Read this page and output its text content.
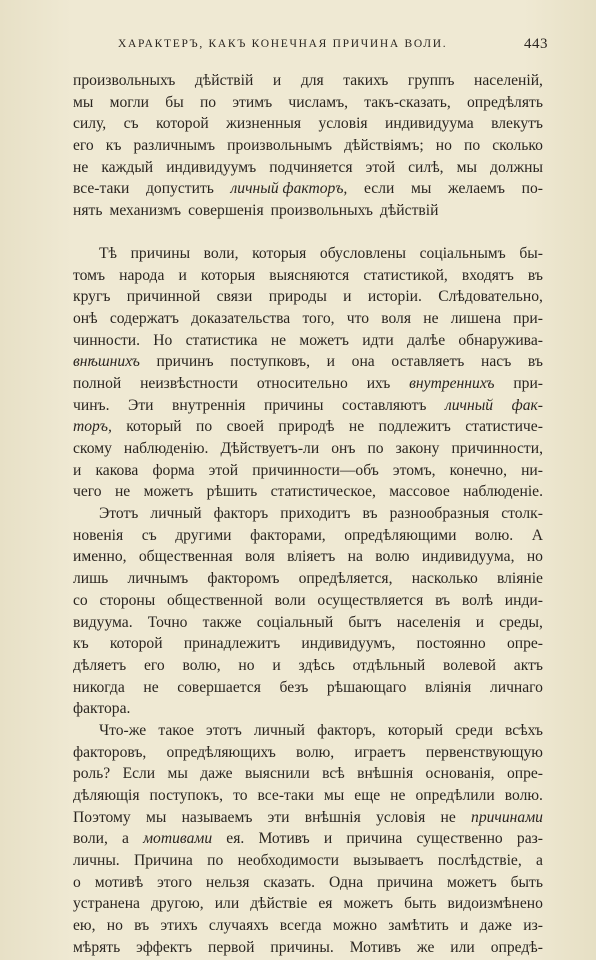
ХАРАКТЕРЪ, КАКЪ КОНЕЧНАЯ ПРИЧИНА ВОЛИ.	443
произвольныхъ дѣйствій и для такихъ группъ населеній,
мы могли бы по этимъ числамъ, такъ-сказать, опредѣлять
силу, съ которой жизненныя условія индивидуума влекутъ
его къ различнымъ произвольнымъ дѣйствіямъ; но по сколько
не каждый индивидуумъ подчиняется этой силѣ, мы должны
все-таки допустить личный факторъ, если мы желаемъ по-
нять механизмъ совершенія произвольныхъ дѣйствій
Тѣ причины воли, которыя обусловлены соціальнымъ бы-
томъ народа и которыя выясняются статистикой, входятъ въ
кругъ причинной связи природы и исторіи. Слѣдовательно,
онѣ содержатъ доказательства того, что воля не лишена при-
чинности. Но статистика не можетъ идти далѣе обнаружива-
внѣшнихъ причинъ поступковъ, и она оставляетъ насъ въ
полной неизвѣстности относительно ихъ внутреннихъ при-
чинъ. Эти внутреннія причины составляютъ личный фак-
торъ, который по своей природѣ не подлежитъ статистиче-
скому наблюденію. Дѣйствуетъ-ли онъ по закону причинности,
и какова форма этой причинности—объ этомъ, конечно, ни-
чего не можетъ рѣшить статистическое, массовое наблюденіе.
Этотъ личный факторъ приходитъ въ разнообразныя столк-
новенія съ другими факторами, опредѣляющими волю. А
именно, общественная воля вліяетъ на волю индивидуума, но
лишь личнымъ факторомъ опредѣляется, насколько вліяніе
со стороны общественной воли осуществляется въ волѣ инди-
видуума. Точно также соціальный бытъ населенія и среды,
къ которой принадлежитъ индивидуумъ, постоянно опре-
дѣляетъ его волю, но и здѣсь отдѣльный волевой актъ
никогда не совершается безъ рѣшающаго вліянія личнаго
фактора.
Что-же такое этотъ личный факторъ, который среди всѣхъ
факторовъ, опредѣляющихъ волю, играетъ первенствующую
роль? Если мы даже выяснили всѣ внѣшнія основанія, опре-
дѣляющія поступокъ, то все-таки мы еще не опредѣлили волю.
Поэтому мы называемъ эти внѣшнія условія не причинами
воли, а мотивами ея. Мотивъ и причина существенно раз-
личны. Причина по необходимости вызываетъ послѣдствіе, а
о мотивѣ этого нельзя сказать. Одна причина можетъ быть
устранена другою, или дѣйствіе ея можетъ быть видоизмѣнено
ею, но въ этихъ случаяхъ всегда можно замѣтить и даже из-
мѣрять эффектъ первой причины. Мотивъ же или опредѣ-
